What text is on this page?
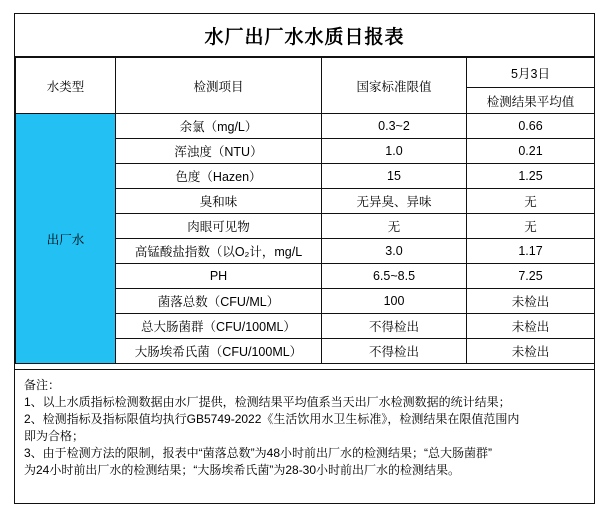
水厂出厂水水质日报表
水类型	检测项目	国家标准限值	5月3日
			检测结果平均值
出厂水	余氯（mg/L）	0.3~2	0.66
	浑浊度（NTU）	1.0	0.21
	色度（Hazen）	15	1.25
	臭和味	无异臭、异味	无
	肉眼可见物	无	无
	高锰酸盐指数（以O₂计，mg/L	3.0	1.17
	PH	6.5~8.5	7.25
	菌落总数（CFU/ML）	100	未检出
	总大肠菌群（CFU/100ML）	不得检出	未检出
	大肠埃希氏菌（CFU/100ML）	不得检出	未检出
备注：
1、以上水质指标检测数据由水厂提供，检测结果平均值系当天出厂水检测数据的统计结果；
2、检测指标及指标限值均执行GB5749-2022《生活饮用水卫生标准》，检测结果在限值范围内
即为合格；
3、由于检测方法的限制，报表中“菌落总数”为48小时前出厂水的检测结果；“总大肠菌群”
为24小时前出厂水的检测结果；“大肠埃希氏菌”为28-30小时前出厂水的检测结果。
